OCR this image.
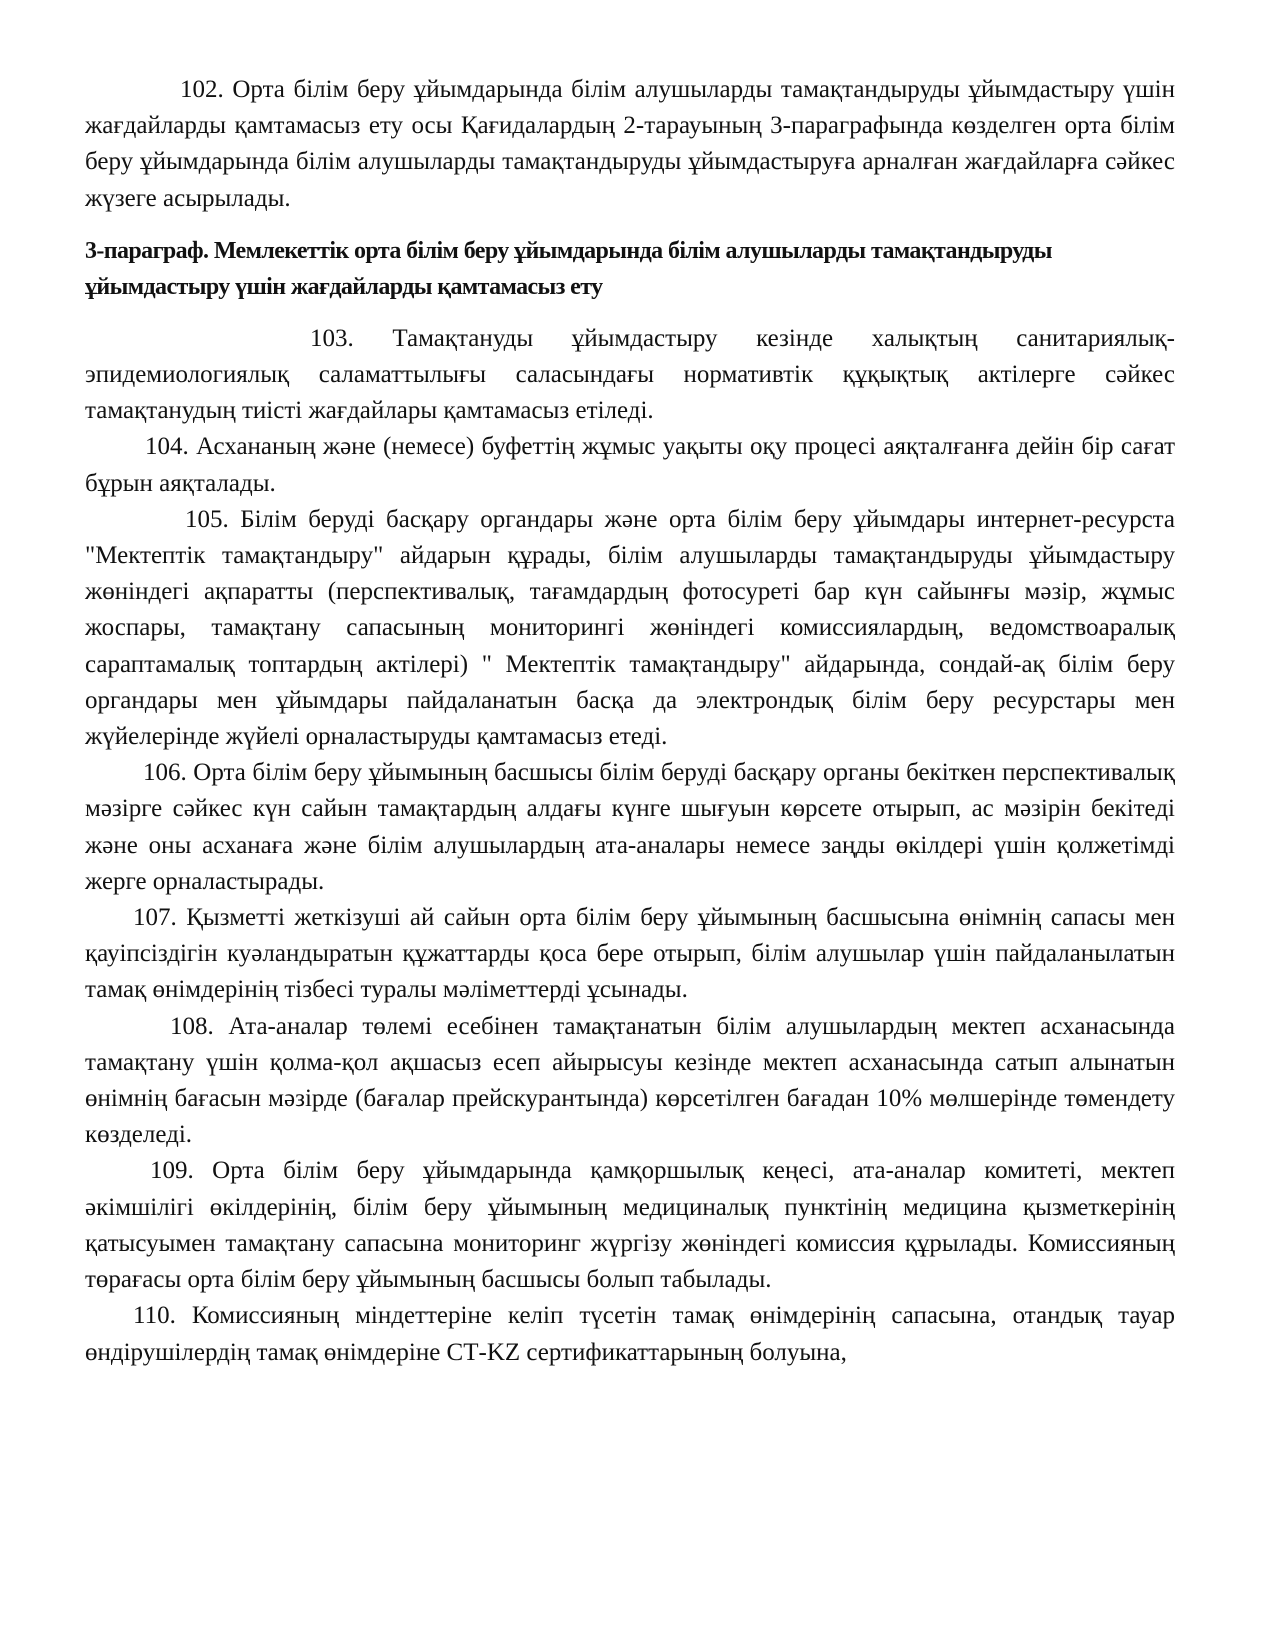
102. Орта білім беру ұйымдарында білім алушыларды тамақтандыруды ұйымдастыру үшін жағдайларды қамтамасыз ету осы Қағидалардың 2-тарауының 3-параграфында көзделген орта білім беру ұйымдарында білім алушыларды тамақтандыруды ұйымдастыруға арналған жағдайларға сәйкес жүзеге асырылады.

3-параграф. Мемлекеттік орта білім беру ұйымдарында білім алушыларды тамақтандыруды ұйымдастыру үшін жағдайларды қамтамасыз ету

103. Тамақтануды ұйымдастыру кезінде халықтың санитариялық-эпидемиологиялық саламаттылығы саласындағы нормативтік құқықтық актілерге сәйкес тамақтанудың тиісті жағдайлары қамтамасыз етіледі.

104. Асхананың және (немесе) буфеттің жұмыс уақыты оқу процесі аяқталғанға дейін бір сағат бұрын аяқталады.

105. Білім беруді басқару органдары және орта білім беру ұйымдары интернет-ресурста "Мектептік тамақтандыру" айдарын құрады, білім алушыларды тамақтандыруды ұйымдастыру жөніндегі ақпаратты (перспективалық, тағамдардың фотосуреті бар күн сайынғы мәзір, жұмыс жоспары, тамақтану сапасының мониторингі жөніндегі комиссиялардың, ведомствоаралық сараптамалық топтардың актілері) " Мектептік тамақтандыру" айдарында, сондай-ақ білім беру органдары мен ұйымдары пайдаланатын басқа да электрондық білім беру ресурстары мен жүйелерінде жүйелі орналастыруды қамтамасыз етеді.

106. Орта білім беру ұйымының басшысы білім беруді басқару органы бекіткен перспективалық мәзірге сәйкес күн сайын тамақтардың алдағы күнге шығуын көрсете отырып, ас мәзірін бекітеді және оны асханаға және білім алушылардың ата-аналары немесе заңды өкілдері үшін қолжетімді жерге орналастырады.

107. Қызметті жеткізуші ай сайын орта білім беру ұйымының басшысына өнімнің сапасы мен қауіпсіздігін куәландыратын құжаттарды қоса бере отырып, білім алушылар үшін пайдаланылатын тамақ өнімдерінің тізбесі туралы мәліметтерді ұсынады.

108. Ата-аналар төлемі есебінен тамақтанатын білім алушылардың мектеп асханасында тамақтану үшін қолма-қол ақшасыз есеп айырысуы кезінде мектеп асханасында сатып алынатын өнімнің бағасын мәзірде (бағалар прейскурантында) көрсетілген бағадан 10% мөлшерінде төмендету көзделеді.

109. Орта білім беру ұйымдарында қамқоршылық кеңесі, ата-аналар комитеті, мектеп әкімшілігі өкілдерінің, білім беру ұйымының медициналық пунктінің медицина қызметкерінің қатысуымен тамақтану сапасына мониторинг жүргізу жөніндегі комиссия құрылады. Комиссияның төрағасы орта білім беру ұйымының басшысы болып табылады.

110. Комиссияның міндеттеріне келіп түсетін тамақ өнімдерінің сапасына, отандық тауар өндірушілердің тамақ өнімдеріне СТ-KZ сертификаттарының болуына,
